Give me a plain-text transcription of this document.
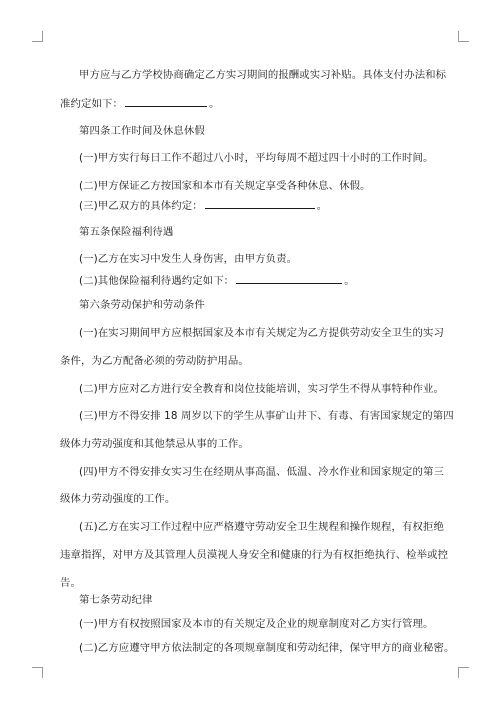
甲方应与乙方学校协商确定乙方实习期间的报酬或实习补贴。具体支付办法和标
准约定如下：	。
第四条工作时间及休息休假
(一)甲方实行每日工作不超过八小时，平均每周不超过四十小时的工作时间。
(二)甲方保证乙方按国家和本市有关规定享受各种休息、休假。
(三)甲乙双方的具体约定：	。
第五条保险福利待遇
(一)乙方在实习中发生人身伤害，由甲方负责。
(二)其他保险福利待遇约定如下：	。
第六条劳动保护和劳动条件
(一)在实习期间甲方应根据国家及本市有关规定为乙方提供劳动安全卫生的实习
条件，为乙方配备必须的劳动防护用品。
(二)甲方应对乙方进行安全教育和岗位技能培训，实习学生不得从事特种作业。
(三)甲方不得安排 18 周岁以下的学生从事矿山井下、有毒、有害国家规定的第四
级体力劳动强度和其他禁忌从事的工作。
(四)甲方不得安排女实习生在经期从事高温、低温、冷水作业和国家规定的第三
级体力劳动强度的工作。
(五)乙方在实习工作过程中应严格遵守劳动安全卫生规程和操作规程，有权拒绝
违章指挥，对甲方及其管理人员漠视人身安全和健康的行为有权拒绝执行、检举或控
告。
第七条劳动纪律
(一)甲方有权按照国家及本市的有关规定及企业的规章制度对乙方实行管理。
(二)乙方应遵守甲方依法制定的各项规章制度和劳动纪律，保守甲方的商业秘密。
